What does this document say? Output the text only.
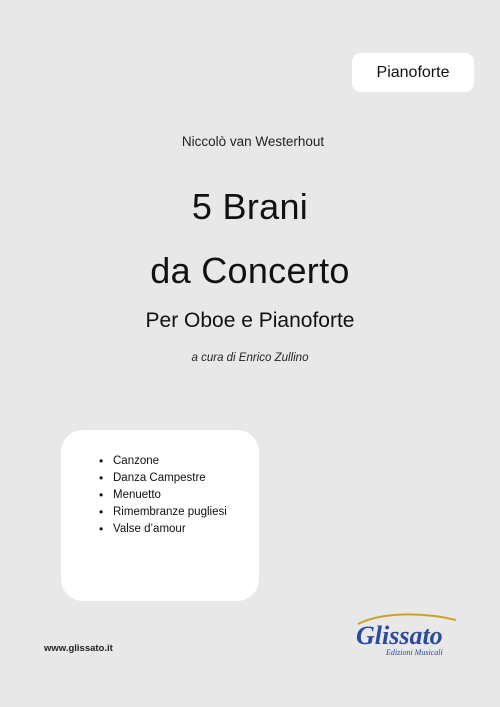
Pianoforte
Niccolò van Westerhout
5 Brani
da Concerto
Per Oboe e Pianoforte
a cura di Enrico Zullino
• Canzone
• Danza Campestre
• Menuetto
• Rimembranze pugliesi
• Valse d’amour
www.glissato.it	Glissato
Edizioni Musicali
